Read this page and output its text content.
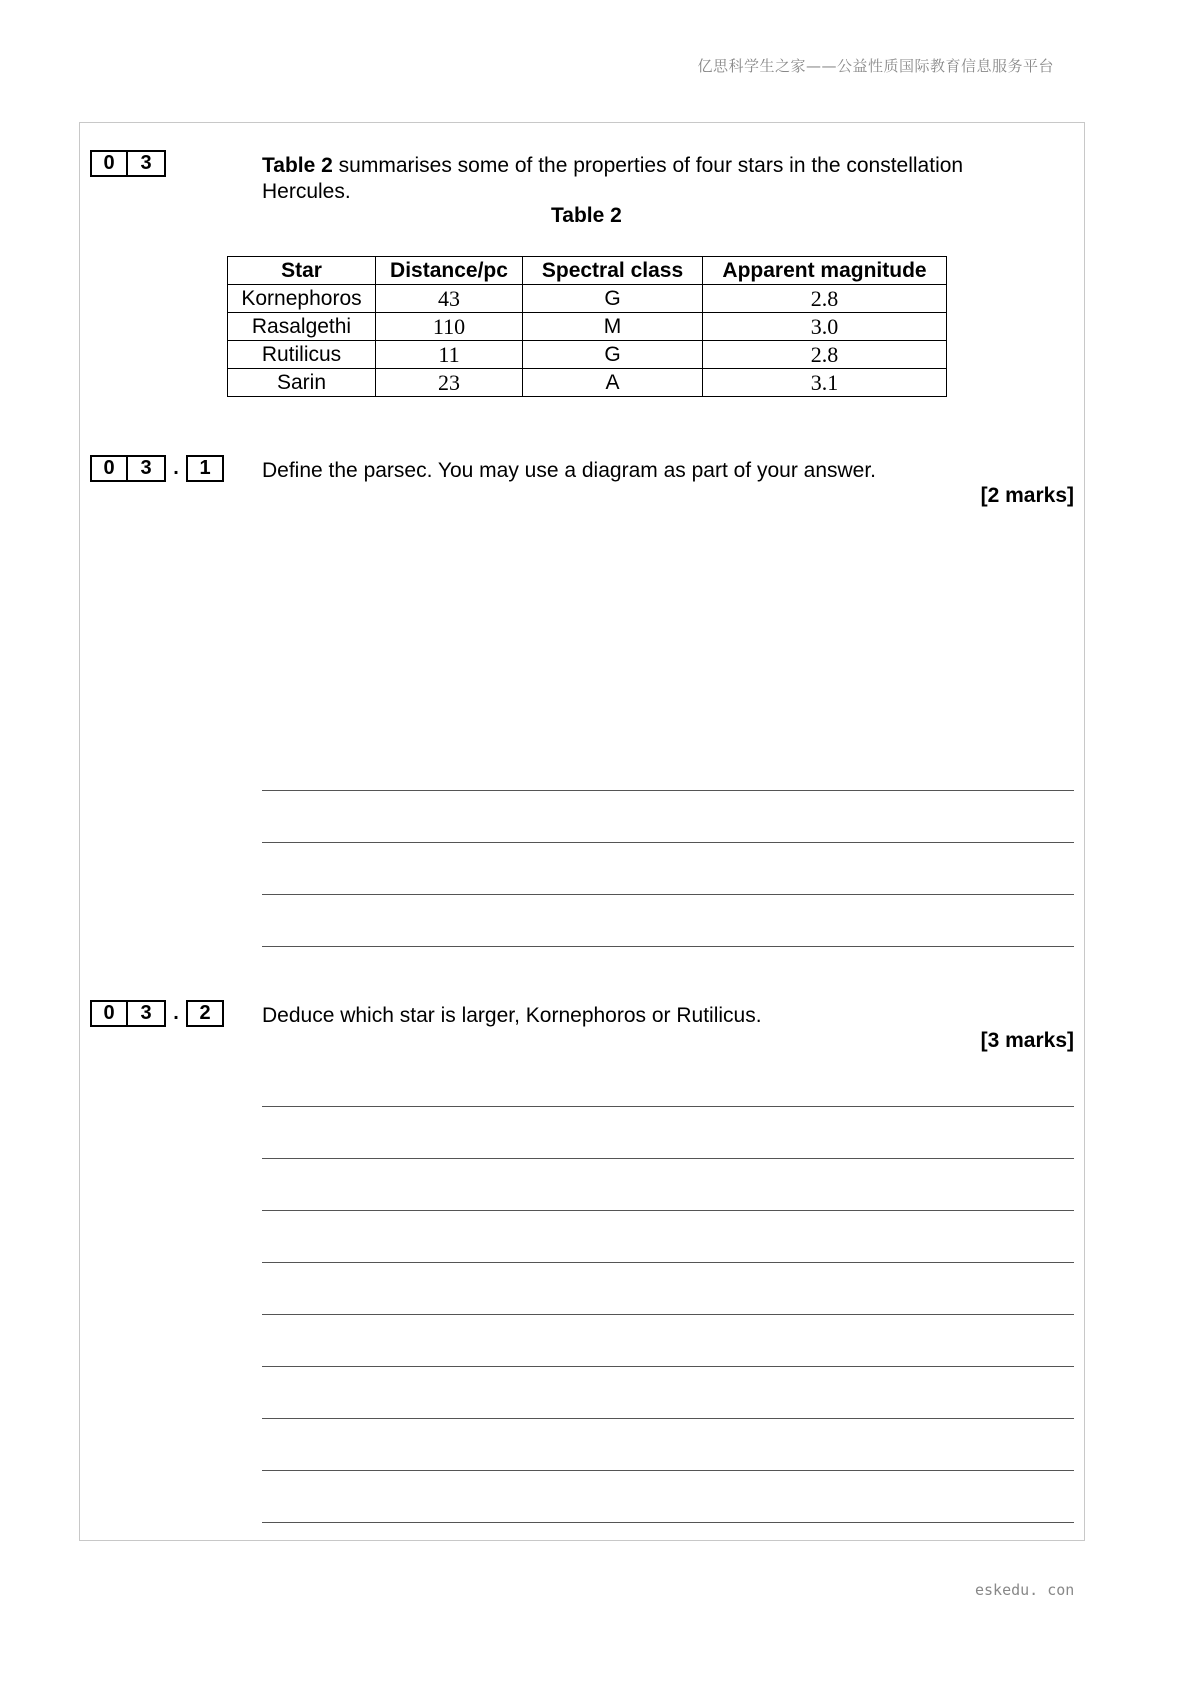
亿思科学生之家——公益性质国际教育信息服务平台
0	3	Table 2 summarises some of the properties of four stars in the constellation Hercules.
Table 2
Star	Distance/pc	Spectral class	Apparent magnitude
Kornephoros	43	G	2.8
Rasalgethi	110	M	3.0
Rutilicus	11	G	2.8
Sarin	23	A	3.1
0	3	.	1	Define the parsec. You may use a diagram as part of your answer.
[2 marks]
0	3	.	2	Deduce which star is larger, Kornephoros or Rutilicus.
[3 marks]
eskedu. con
